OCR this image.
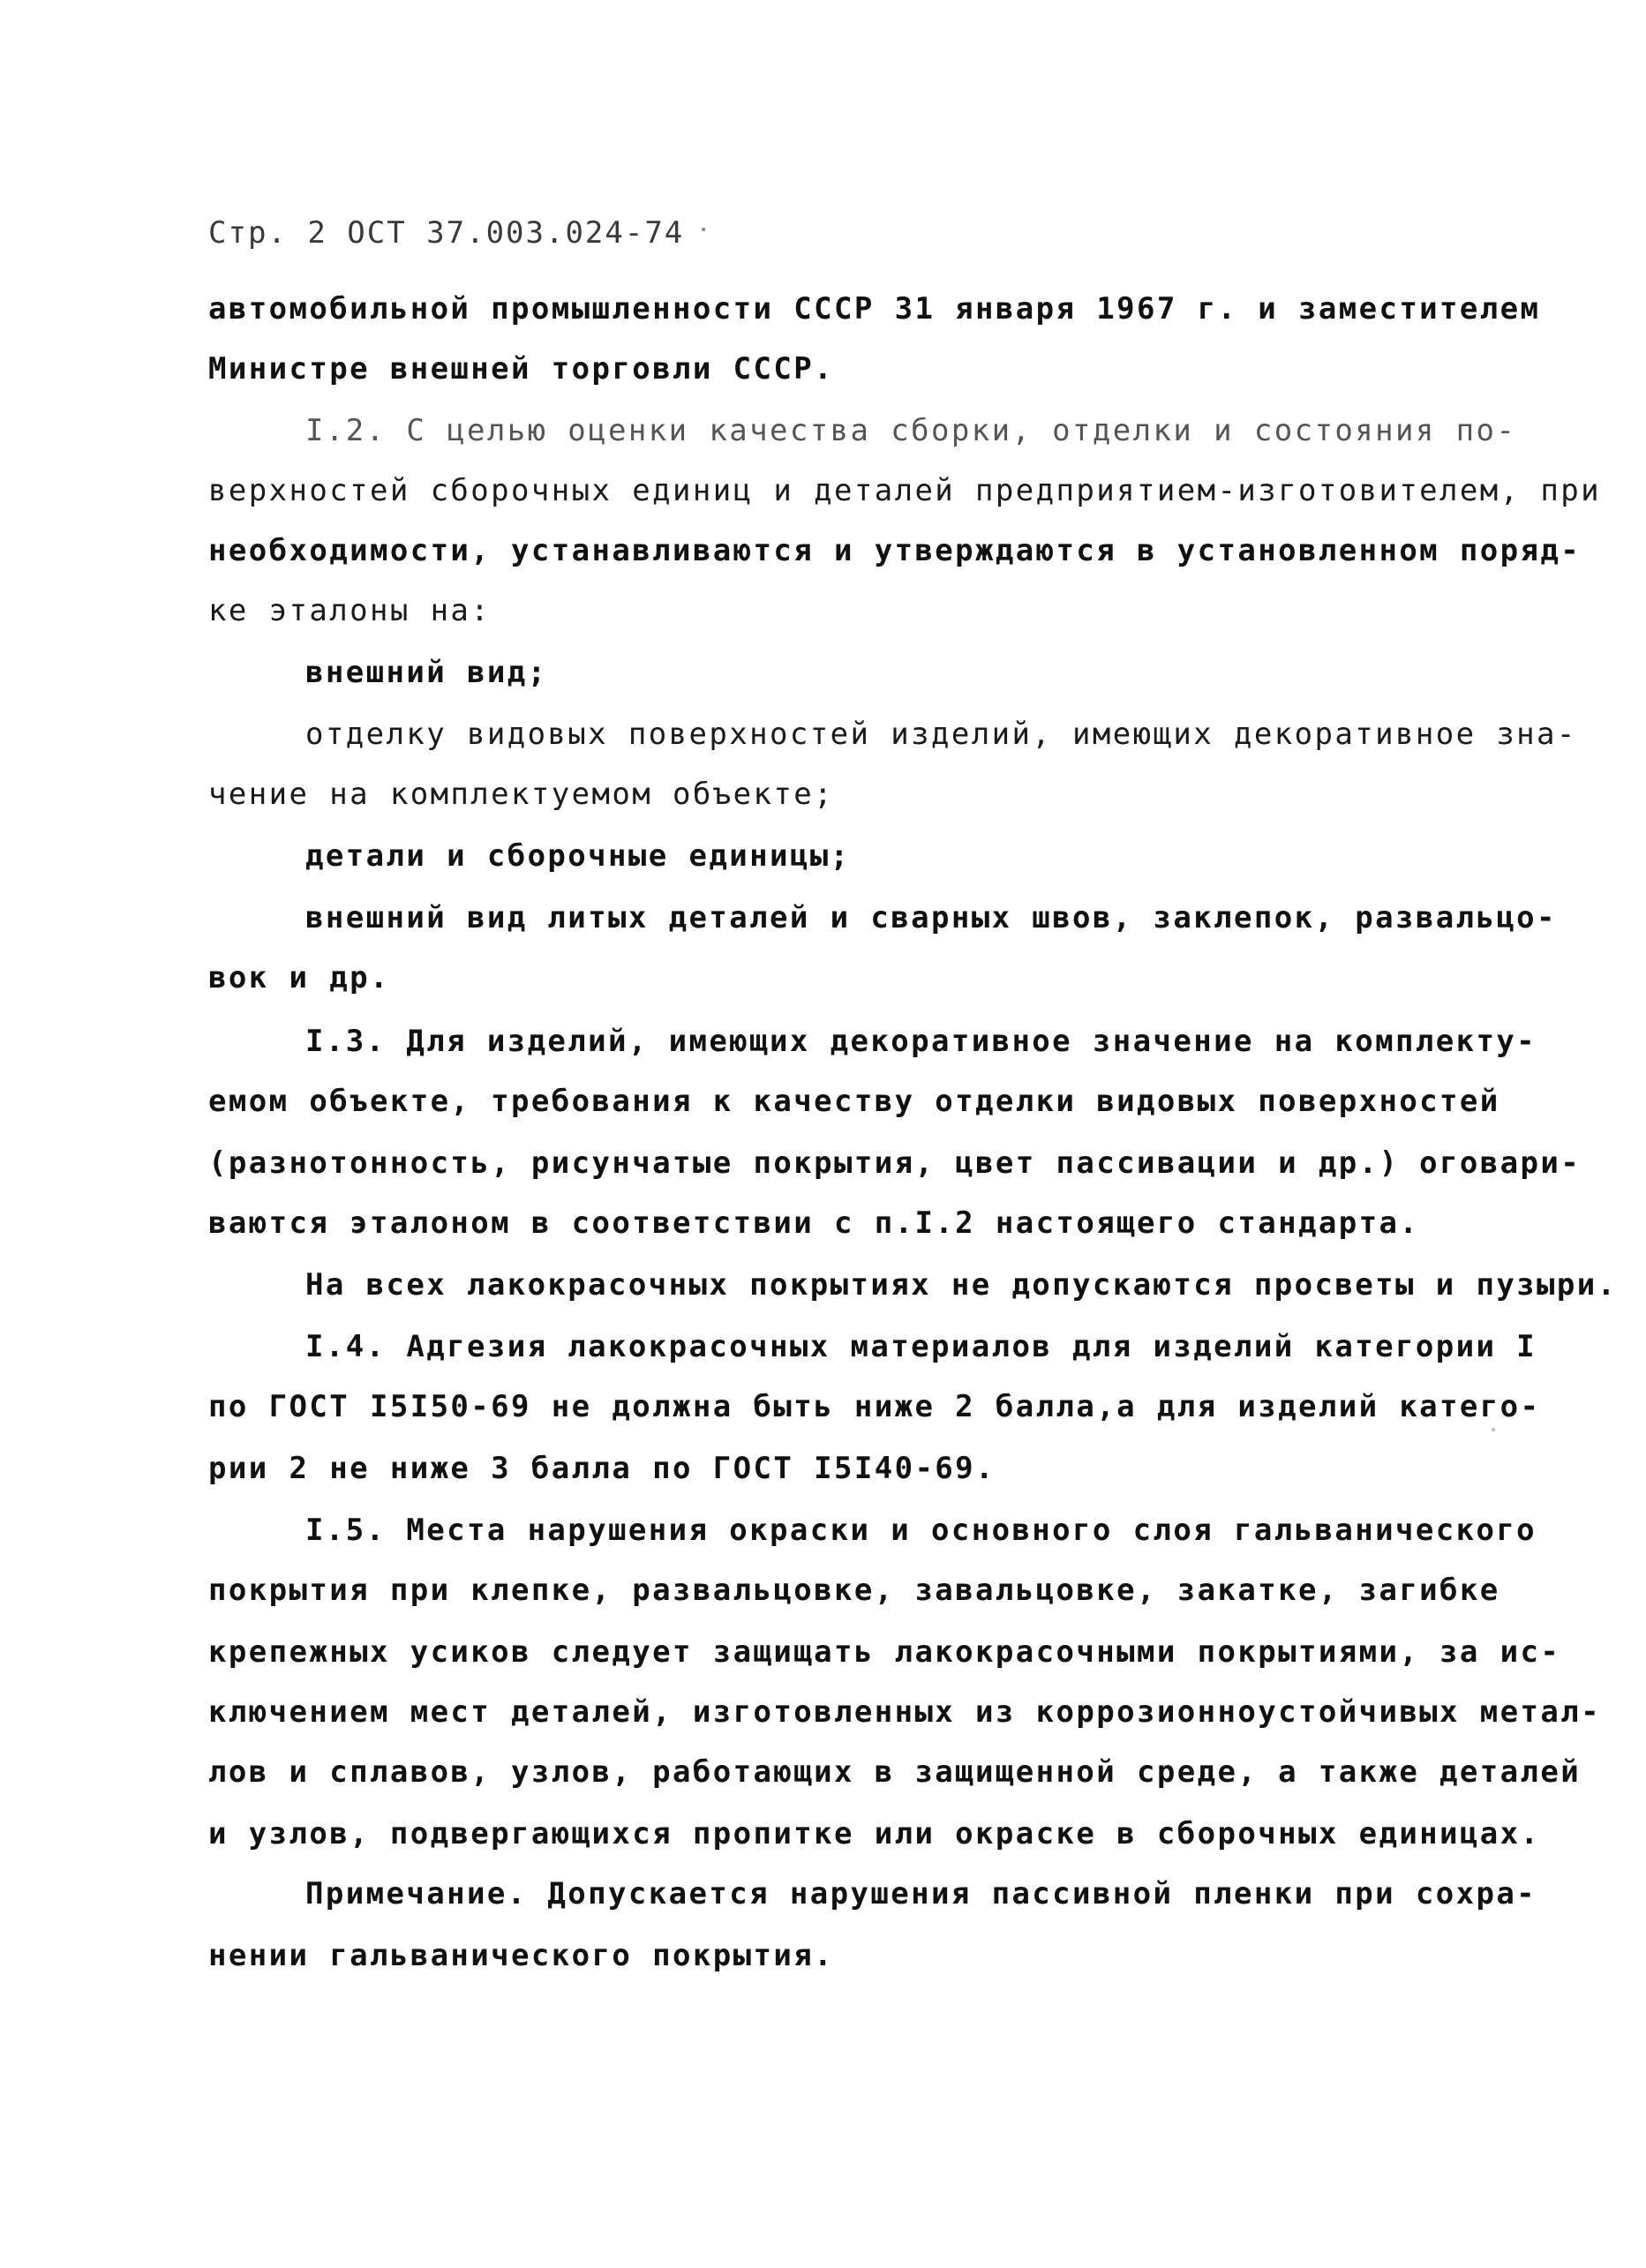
Стр. 2 ОСТ 37.003.024-74
автомобильной промышленности СССР 31 января 1967 г. и заместителем
Министре внешней торговли СССР.
I.2. С целью оценки качества сборки, отделки и состояния по-
верхностей сборочных единиц и деталей предприятием-изготовителем, при
необходимости, устанавливаются и утверждаются в установленном поряд-
ке эталоны на:
внешний вид;
отделку видовых поверхностей изделий, имеющих декоративное зна-
чение на комплектуемом объекте;
детали и сборочные единицы;
внешний вид литых деталей и сварных швов, заклепок, развальцо-
вок и др.
I.3. Для изделий, имеющих декоративное значение на комплекту-
емом объекте, требования к качеству отделки видовых поверхностей
(разнотонность, рисунчатые покрытия, цвет пассивации и др.) оговари-
ваются эталоном в соответствии с п.I.2 настоящего стандарта.
На всех лакокрасочных покрытиях не допускаются просветы и пузыри.
I.4. Адгезия лакокрасочных материалов для изделий категории I
по ГОСТ I5I50-69 не должна быть ниже 2 балла,а для изделий катего-
рии 2 не ниже 3 балла по ГОСТ I5I40-69.
I.5. Места нарушения окраски и основного слоя гальванического
покрытия при клепке, развальцовке, завальцовке, закатке, загибке
крепежных усиков следует защищать лакокрасочными покрытиями, за ис-
ключением мест деталей, изготовленных из коррозионноустойчивых метал-
лов и сплавов, узлов, работающих в защищенной среде, а также деталей
и узлов, подвергающихся пропитке или окраске в сборочных единицах.
Примечание. Допускается нарушения пассивной пленки при сохра-
нении гальванического покрытия.
